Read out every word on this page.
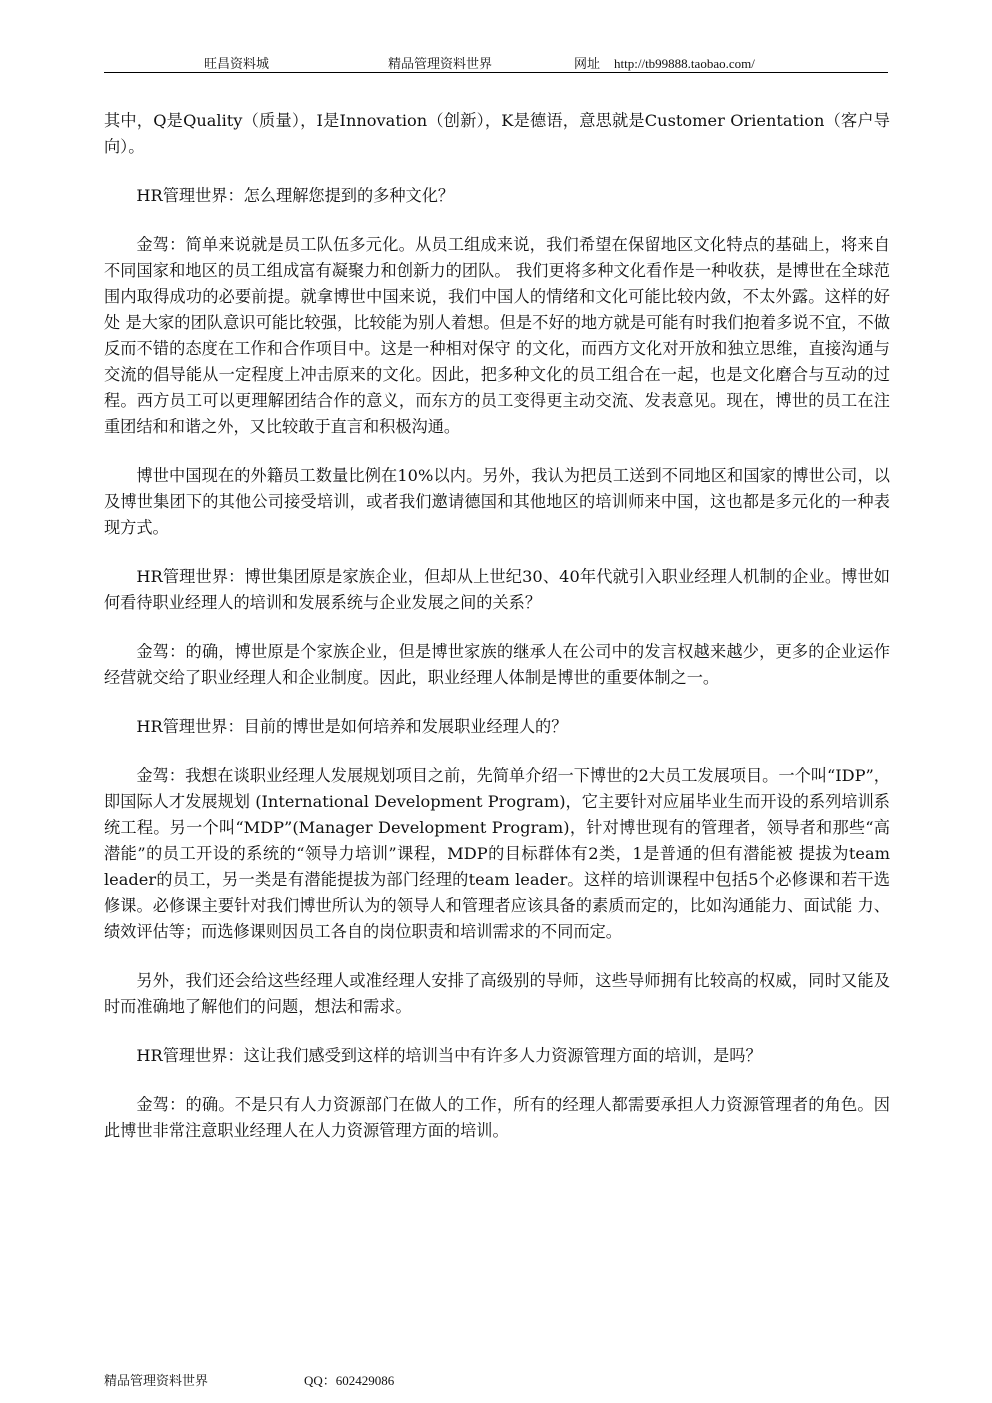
旺昌资料城	精品管理资料世界	网址 http://tb99888.taobao.com/

其中，Q是Quality（质量），I是Innovation（创新），K是德语，意思就是Customer Orientation（客户导向）。

HR管理世界：怎么理解您提到的多种文化？

金驾：简单来说就是员工队伍多元化。从员工组成来说，我们希望在保留地区文化特点的基础上，将来自不同国家和地区的员工组成富有凝聚力和创新力的团队。 我们更将多种文化看作是一种收获，是博世在全球范围内取得成功的必要前提。就拿博世中国来说，我们中国人的情绪和文化可能比较内敛，不太外露。这样的好处 是大家的团队意识可能比较强，比较能为别人着想。但是不好的地方就是可能有时我们抱着多说不宜，不做反而不错的态度在工作和合作项目中。这是一种相对保守 的文化，而西方文化对开放和独立思维，直接沟通与交流的倡导能从一定程度上冲击原来的文化。因此，把多种文化的员工组合在一起，也是文化磨合与互动的过 程。西方员工可以更理解团结合作的意义，而东方的员工变得更主动交流、发表意见。现在，博世的员工在注重团结和和谐之外，又比较敢于直言和积极沟通。

博世中国现在的外籍员工数量比例在10%以内。另外，我认为把员工送到不同地区和国家的博世公司，以及博世集团下的其他公司接受培训，或者我们邀请德国和其他地区的培训师来中国，这也都是多元化的一种表现方式。

HR管理世界：博世集团原是家族企业，但却从上世纪30、40年代就引入职业经理人机制的企业。博世如何看待职业经理人的培训和发展系统与企业发展之间的关系？

金驾：的确，博世原是个家族企业，但是博世家族的继承人在公司中的发言权越来越少，更多的企业运作经营就交给了职业经理人和企业制度。因此，职业经理人体制是博世的重要体制之一。

HR管理世界：目前的博世是如何培养和发展职业经理人的？

金驾：我想在谈职业经理人发展规划项目之前，先简单介绍一下博世的2大员工发展项目。一个叫“IDP”，即国际人才发展规划 (International Development Program)，它主要针对应届毕业生而开设的系列培训系统工程。另一个叫“MDP”(Manager Development Program)，针对博世现有的管理者，领导者和那些“高潜能”的员工开设的系统的“领导力培训”课程，MDP的目标群体有2类，1是普通的但有潜能被 提拔为team leader的员工，另一类是有潜能提拔为部门经理的team leader。这样的培训课程中包括5个必修课和若干选修课。必修课主要针对我们博世所认为的领导人和管理者应该具备的素质而定的，比如沟通能力、面试能 力、绩效评估等；而选修课则因员工各自的岗位职责和培训需求的不同而定。

另外，我们还会给这些经理人或准经理人安排了高级别的导师，这些导师拥有比较高的权威，同时又能及时而准确地了解他们的问题，想法和需求。

HR管理世界：这让我们感受到这样的培训当中有许多人力资源管理方面的培训，是吗？

金驾：的确。不是只有人力资源部门在做人的工作，所有的经理人都需要承担人力资源管理者的角色。因此博世非常注意职业经理人在人力资源管理方面的培训。

精品管理资料世界	QQ：602429086
